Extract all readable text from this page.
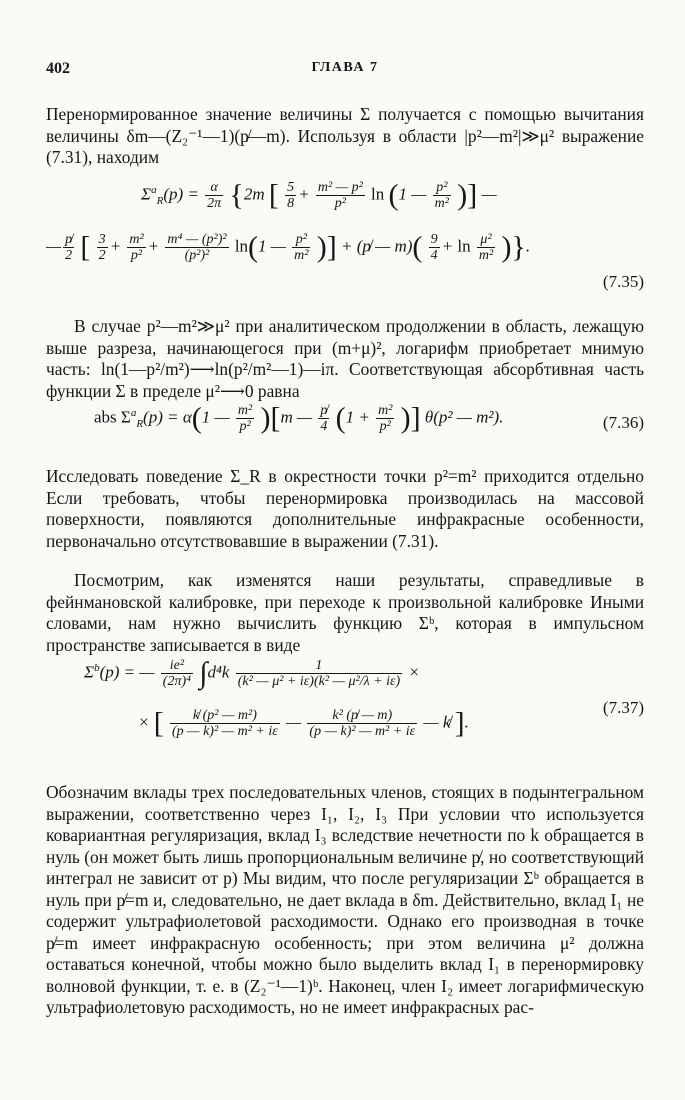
402	ГЛАВА 7
Перенормированное значение величины Σ получается с помощью вычитания величины δm—(Z₂⁻¹—1)(p̸—m). Используя в области |p²—m²|≫μ² выражение (7.31), находим
$\Sigma^a_R(p) = \frac{\alpha}{2\pi} \{2m$ [ $\frac{5}{8} + \frac{\text{m² — p²}}{\text{p²}}$ ln (1 — $\frac{\text{p²}}{\text{m²}}$ )] —
— $\frac{p̸}{2}$ [ $\frac{3}{2} + \frac{\text{m²}}{\text{p²}} + \frac{\text{m⁴ — (p²)²}}{\text{(p²)²}} \ln(1$ — $\frac{\text{p²}}{\text{m²}}$ )] + (p̸ — $m)( \frac{9}{4} + \ln \frac{\text{μ²}}{\text{m²}}$ )}.
(7.35)
В случае p²—m²≫μ² при аналитическом продолжении в область, лежащую выше разреза, начинающегося при (m+μ)², логарифм приобретает мнимую часть: ln(1—p²/m²)⟶ln(p²/m²—1)—iπ. Соответствующая абсорбтивная часть функции Σ в пределе μ²⟶0 равна
abs $\Sigma^a_R(p) = \alpha(1$ — $\frac{\text{m²}}{\text{p²}} )[m$ — $\frac{p̸}{4} (1 + \frac{\text{m²}}{\text{p²}}$ )] θ(p² — m²).	(7.36)
Исследовать поведение Σ_R в окрестности точки p²=m² приходится отдельно Если требовать, чтобы перенормировка производилась на массовой поверхности, появляются дополнительные инфракрасные особенности, первоначально отсутствовавшие в выражении (7.31).
Посмотрим, как изменятся наши результаты, справедливые в фейнмановской калибровке, при переходе к произвольной калибровке Иными словами, нам нужно вычислить функцию Σᵇ, которая в импульсном пространстве записывается в виде
$\Sigma^b(p)$ = — $\frac{\text{ie²}}{\text{(2π)⁴}} \int d^4k \frac{1}{\text{(k² — μ² + iε)(k² — μ²/λ + iε)}}$ ×
× [ $\frac{\text{k̸ (p² — m²)}}{\text{(p — k)² — m² + iε}}$ — $\frac{\text{k² (p̸ — m)}}{\text{(p — k)² — m² + iε}}$ — k̸ ].
(7.37)
Обозначим вклады трех последовательных членов, стоящих в подынтегральном выражении, соответственно через I₁, I₂, I₃ При условии что используется ковариантная регуляризация, вклад I₃ вследствие нечетности по k обращается в нуль (он может быть лишь пропорциональным величине p̸, но соответствующий интеграл не зависит от p) Мы видим, что после регуляризации Σᵇ обращается в нуль при p̸=m и, следовательно, не дает вклада в δm. Действительно, вклад I₁ не содержит ультрафиолетовой расходимости. Однако его производная в точке p̸=m имеет инфракрасную особенность; при этом величина μ² должна оставаться конечной, чтобы можно было выделить вклад I₁ в перенормировку волновой функции, т. е. в (Z₂⁻¹—1)ᵇ. Наконец, член I₂ имеет логарифмическую ультрафиолетовую расходимость, но не имеет инфракрасных рас-
